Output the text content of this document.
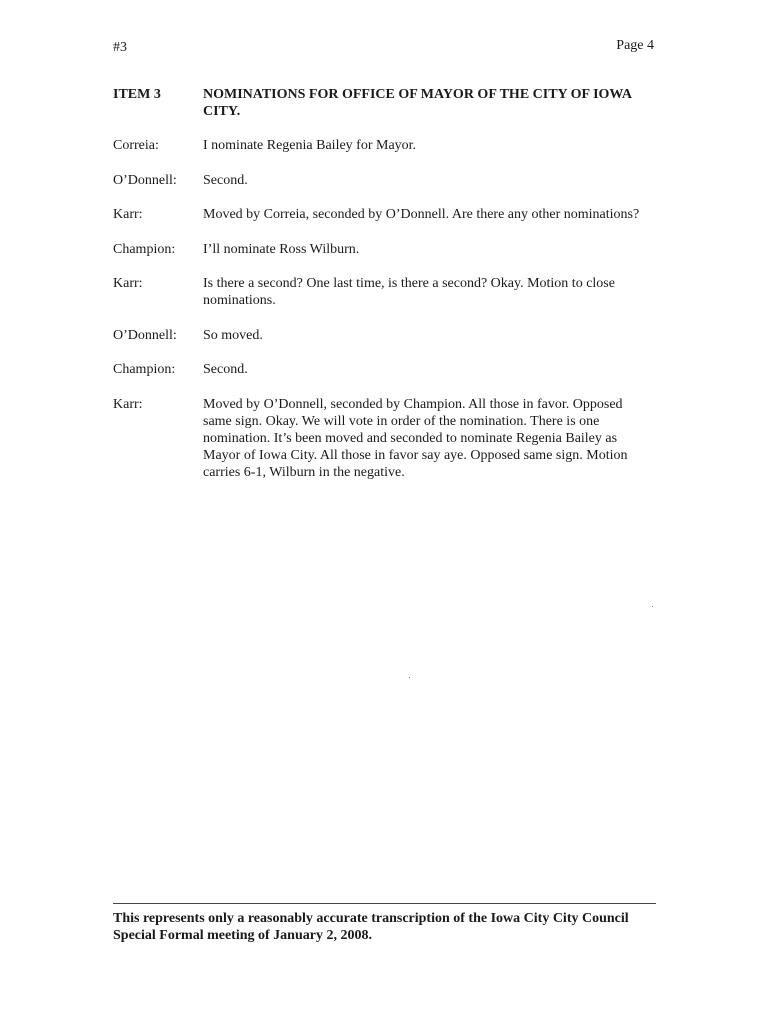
#3	Page 4
ITEM 3	NOMINATIONS FOR OFFICE OF MAYOR OF THE CITY OF IOWA CITY.
Correia:	I nominate Regenia Bailey for Mayor.
O’Donnell:	Second.
Karr:	Moved by Correia, seconded by O’Donnell. Are there any other nominations?
Champion:	I’ll nominate Ross Wilburn.
Karr:	Is there a second? One last time, is there a second? Okay. Motion to close nominations.
O’Donnell:	So moved.
Champion:	Second.
Karr:	Moved by O’Donnell, seconded by Champion. All those in favor. Opposed same sign. Okay. We will vote in order of the nomination. There is one nomination. It’s been moved and seconded to nominate Regenia Bailey as Mayor of Iowa City. All those in favor say aye. Opposed same sign. Motion carries 6-1, Wilburn in the negative.
This represents only a reasonably accurate transcription of the Iowa City City Council Special Formal meeting of January 2, 2008.
